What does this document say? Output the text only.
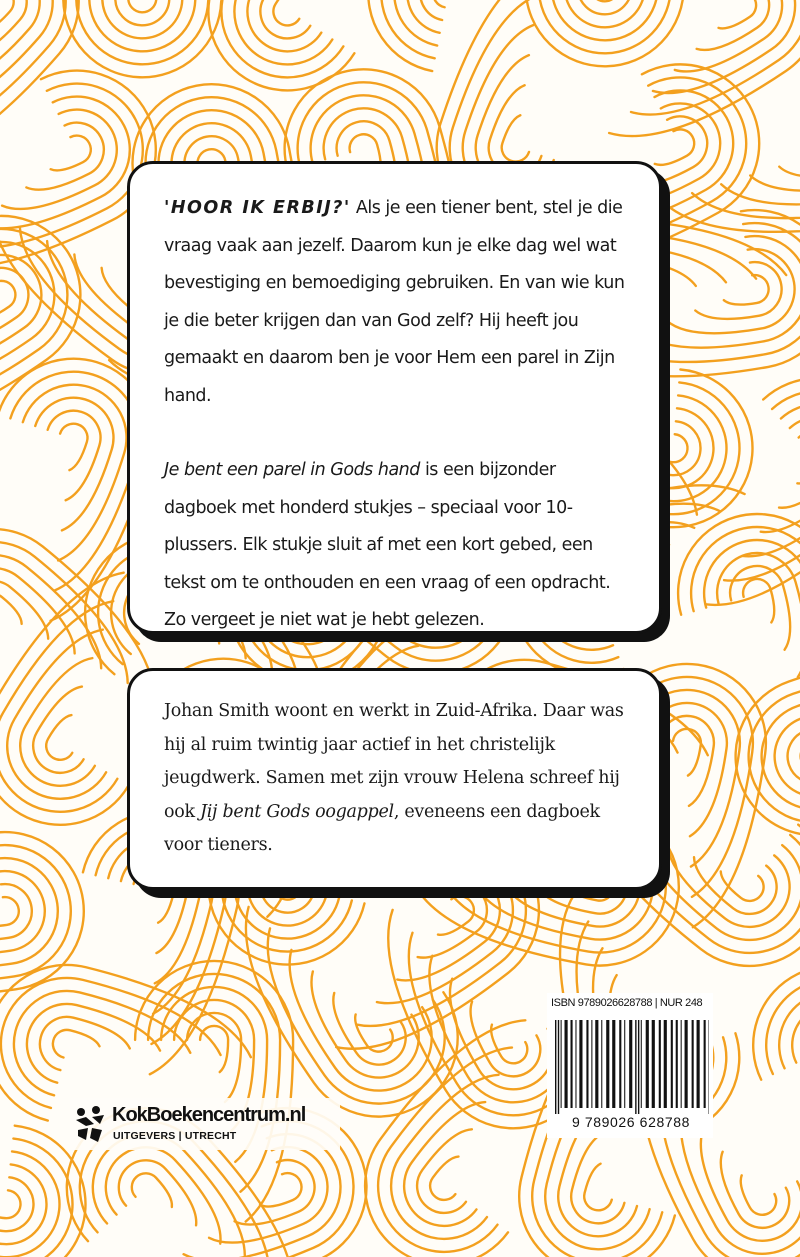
'HOOR IK ERBIJ?' Als je een tiener bent, stel je die vraag vaak aan jezelf. Daarom kun je elke dag wel wat bevestiging en bemoediging gebruiken. En van wie kun je die beter krijgen dan van God zelf? Hij heeft jou gemaakt en daarom ben je voor Hem een parel in Zijn hand.

Je bent een parel in Gods hand is een bijzonder dagboek met honderd stukjes – speciaal voor 10-plussers. Elk stukje sluit af met een kort gebed, een tekst om te onthouden en een vraag of een opdracht. Zo vergeet je niet wat je hebt gelezen.

Johan Smith woont en werkt in Zuid-Afrika. Daar was hij al ruim twintig jaar actief in het christelijk jeugdwerk. Samen met zijn vrouw Helena schreef hij ook Jij bent Gods oogappel, eveneens een dagboek voor tieners.

ISBN 9789026628788 | NUR 248
9 789026 628788
KokBoekencentrum.nl
UITGEVERS | UTRECHT
